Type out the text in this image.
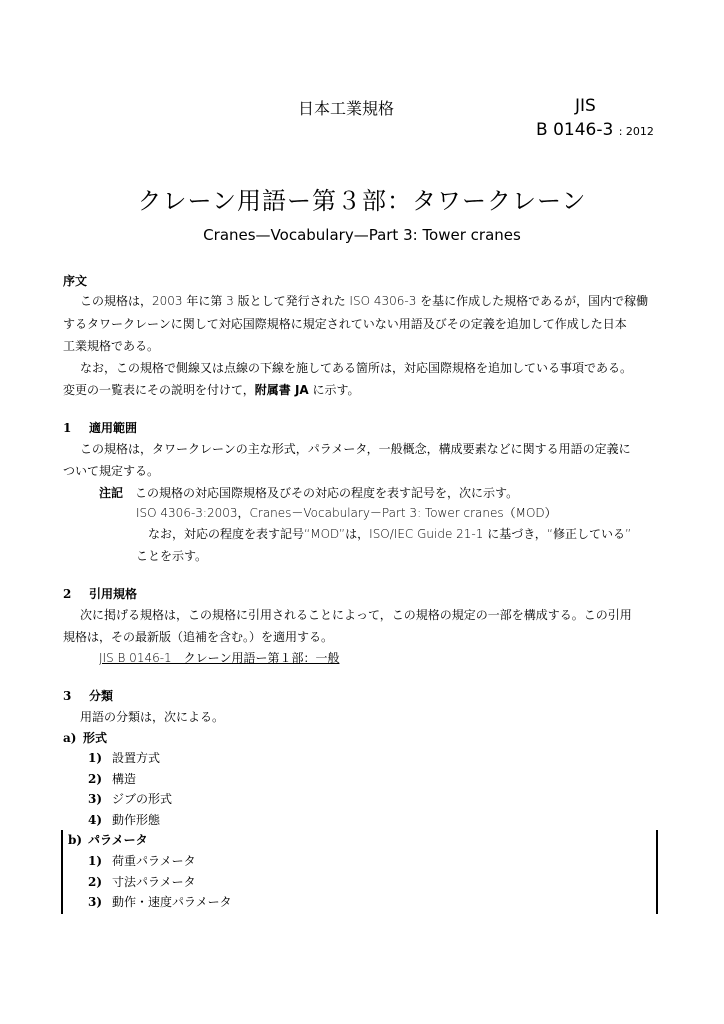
日本工業規格	JIS
B 0146-3 : 2012
クレーン用語ー第３部：タワークレーン
Cranes—Vocabulary—Part 3: Tower cranes
序文
この規格は，2003 年に第 3 版として発行された ISO 4306-3 を基に作成した規格であるが，国内で稼働
するタワークレーンに関して対応国際規格に規定されていない用語及びその定義を追加して作成した日本
工業規格である。
なお，この規格で側線又は点線の下線を施してある箇所は，対応国際規格を追加している事項である。
変更の一覧表にその説明を付けて，附属書 JA に示す。
1 適用範囲
この規格は，タワークレーンの主な形式，パラメータ，一般概念，構成要素などに関する用語の定義に
ついて規定する。
注記　 この規格の対応国際規格及びその対応の程度を表す記号を，次に示す。
ISO 4306-3:2003，Cranes－Vocabulary－Part 3: Tower cranes（MOD）
なお，対応の程度を表す記号“MOD”は，ISO/IEC Guide 21-1 に基づき，“修正している”
ことを示す。
2 引用規格
次に掲げる規格は，この規格に引用されることによって，この規格の規定の一部を構成する。この引用
規格は，その最新版（追補を含む。）を適用する。
JIS B 0146-1　クレーン用語ー第１部：一般
3 分類
用語の分類は，次による。
a) 形式
1) 設置方式
2) 構造
3) ジブの形式
4) 動作形態
b) パラメータ
1) 荷重パラメータ
2) 寸法パラメータ
3) 動作・速度パラメータ
